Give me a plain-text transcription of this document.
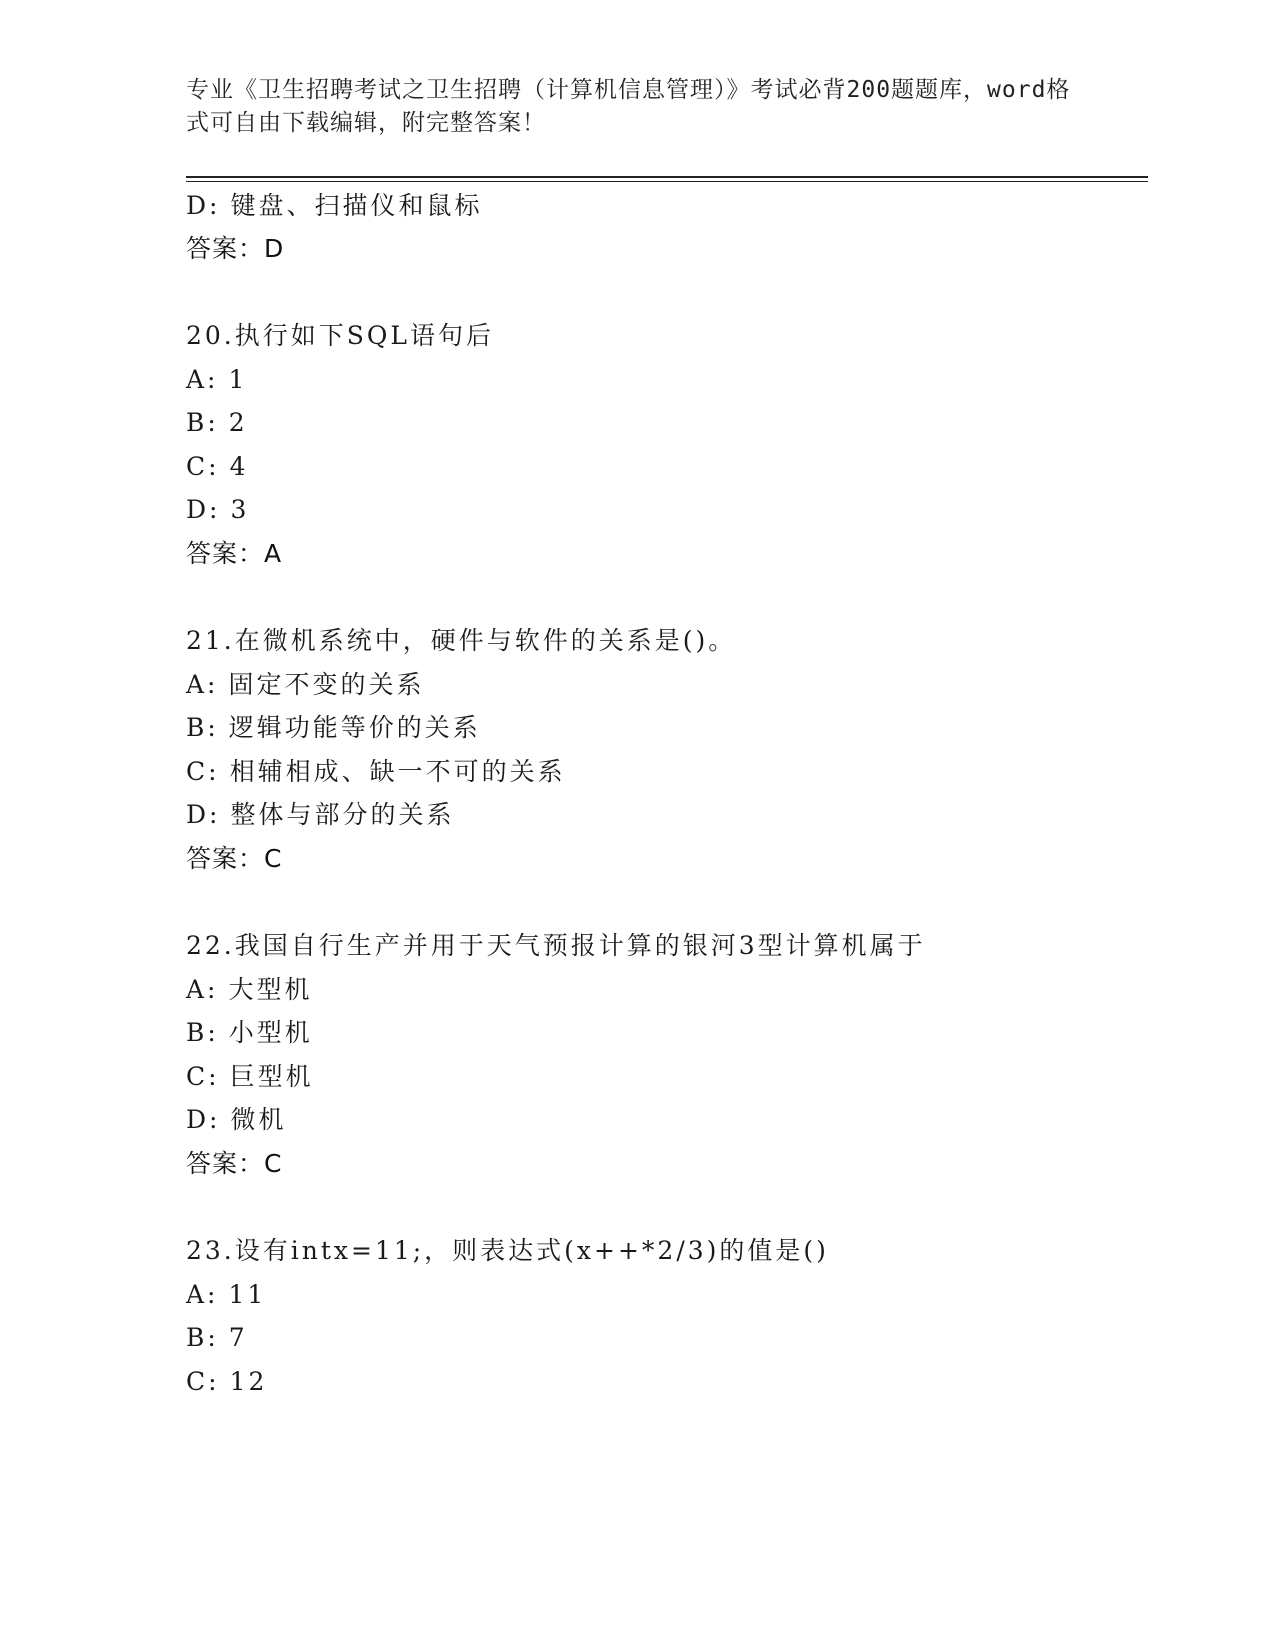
专业《卫生招聘考试之卫生招聘（计算机信息管理）》考试必背200题题库，word格式可自由下载编辑，附完整答案！
D: 键盘、扫描仪和鼠标
答案：D
20.执行如下SQL语句后
A: 1
B: 2
C: 4
D: 3
答案：A
21.在微机系统中，硬件与软件的关系是()。
A: 固定不变的关系
B: 逻辑功能等价的关系
C: 相辅相成、缺一不可的关系
D: 整体与部分的关系
答案：C
22.我国自行生产并用于天气预报计算的银河3型计算机属于
A: 大型机
B: 小型机
C: 巨型机
D: 微机
答案：C
23.设有intx=11;，则表达式(x++*2/3)的值是()
A: 11
B: 7
C: 12
